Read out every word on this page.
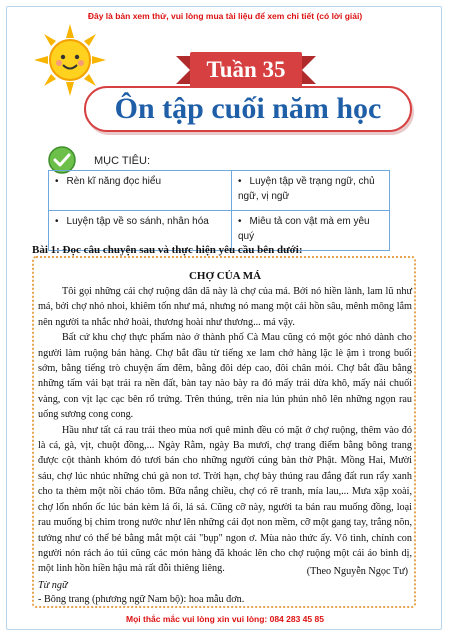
Đây là bản xem thử, vui lòng mua tài liệu để xem chi tiết (có lời giải)
Tuần 35
Ôn tập cuối năm học
MỤC TIÊU:
• Rèn kĩ năng đọc hiểu	• Luyện tập về trạng ngữ, chủ ngữ, vị ngữ
• Luyện tập về so sánh, nhân hóa	• Miêu tả con vật mà em yêu quý
Bài 1: Đọc câu chuyện sau và thực hiện yêu cầu bên dưới:
CHỢ CỦA MÁ

Tôi gọi những cái chợ ruộng dân dã này là chợ của má. Bởi nó hiền lành, lam lũ như má, bởi chợ nhỏ nhoi, khiêm tốn như má, nhưng nó mang một cái hồn sâu, mênh mông lắm nên người ta nhắc nhớ hoài, thương hoài như thương... má vậy.

Bất cứ khu chợ thực phẩm nào ở thành phố Cà Mau cũng có một góc nhỏ dành cho người làm ruộng bán hàng. Chợ bắt đầu từ tiếng xe lam chở hàng lặc lè ậm ì trong buổi sớm, bằng tiếng trò chuyện ấm đêm, bằng đôi dép cao, đôi chân mỏi. Chợ bắt đầu bằng những tấm vải bạt trải ra nền đất, bàn tay nào bày ra đó mấy trái dừa khô, mấy nải chuối vàng, con vịt lạc cạc bên rổ trứng. Trên thúng, trên nia lún phún nhô lên những ngọn rau uống sương cong cong.

Hầu như tất cả rau trái theo mùa nơi quê mình đều có mặt ở chợ ruộng, thêm vào đó là cá, gà, vịt, chuột đồng,... Ngày Rằm, ngày Ba mươi, chợ trang điểm bằng bông trang được cột thành khóm đỏ tươi bán cho những người cúng bàn thờ Phật. Mồng Hai, Mười sáu, chợ lúc nhúc những chú gà non tơ. Trời hạn, chợ bày thúng rau đắng đất run rẩy xanh cho ta thèm một nồi cháo tôm. Bữa nắng chiều, chợ có rẽ tranh, mía lau,... Mưa xập xoài, chợ lổn nhổn ốc lúc bán kèm lá ổi, lá sả. Cũng cỡ này, người ta bán rau muống đồng, loại rau muống bị chim trong nước như lên những cái đọt non mềm, cỡ một gang tay, trắng nõn, tưởng như có thể bẻ bằng mắt một cái "bụp" ngon ơ. Mùa nào thức ấy. Vô tình, chính con người nón rách áo túi cũng các món hàng đã khoác lên cho chợ ruộng một cái áo bình dị, một linh hồn hiền hậu mà rất đỗi thiêng liêng.	(Theo Nguyễn Ngọc Tư)
Từ ngữ
- Bông trang (phương ngữ Nam bộ): hoa mẫu đơn.
Mọi thắc mắc vui lòng xin vui lòng: 084 283 45 85
